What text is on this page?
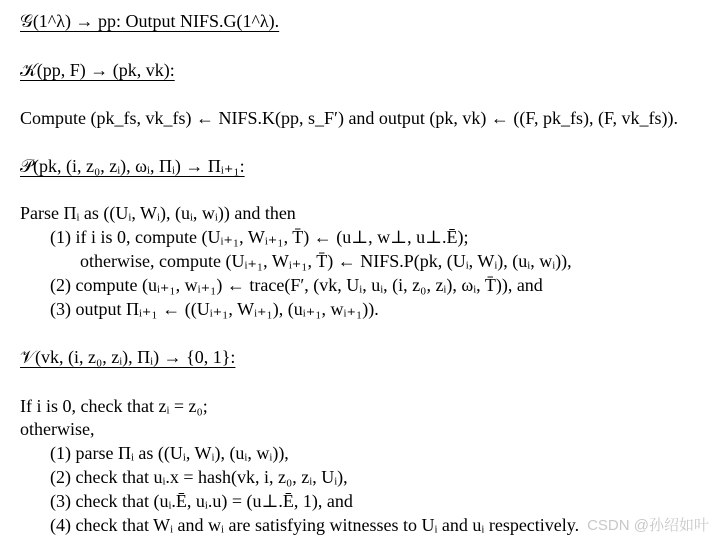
𝒢(1^λ) → pp: Output NIFS.G(1^λ).
𝒦(pp, F) → (pk, vk):
Compute (pk_fs, vk_fs) ← NIFS.K(pp, s_F′) and output (pk, vk) ← ((F, pk_fs), (F, vk_fs)).
𝒫(pk, (i, z₀, zᵢ), ωᵢ, Πᵢ) → Πᵢ₊₁:
Parse Πᵢ as ((Uᵢ, Wᵢ), (uᵢ, wᵢ)) and then
(1) if i is 0, compute (Uᵢ₊₁, Wᵢ₊₁, T̄) ← (u⊥, w⊥, u⊥.Ē);
otherwise, compute (Uᵢ₊₁, Wᵢ₊₁, T̄) ← NIFS.P(pk, (Uᵢ, Wᵢ), (uᵢ, wᵢ)),
(2) compute (uᵢ₊₁, wᵢ₊₁) ← trace(F′, (vk, Uᵢ, uᵢ, (i, z₀, zᵢ), ωᵢ, T̄)), and
(3) output Πᵢ₊₁ ← ((Uᵢ₊₁, Wᵢ₊₁), (uᵢ₊₁, wᵢ₊₁)).
𝒱(vk, (i, z₀, zᵢ), Πᵢ) → {0, 1}:
If i is 0, check that zᵢ = z₀;
otherwise,
(1) parse Πᵢ as ((Uᵢ, Wᵢ), (uᵢ, wᵢ)),
(2) check that uᵢ.x = hash(vk, i, z₀, zᵢ, Uᵢ),
(3) check that (uᵢ.Ē, uᵢ.u) = (u⊥.Ē, 1), and
(4) check that Wᵢ and wᵢ are satisfying witnesses to Uᵢ and uᵢ respectively. CSDN @孙绍如叶
